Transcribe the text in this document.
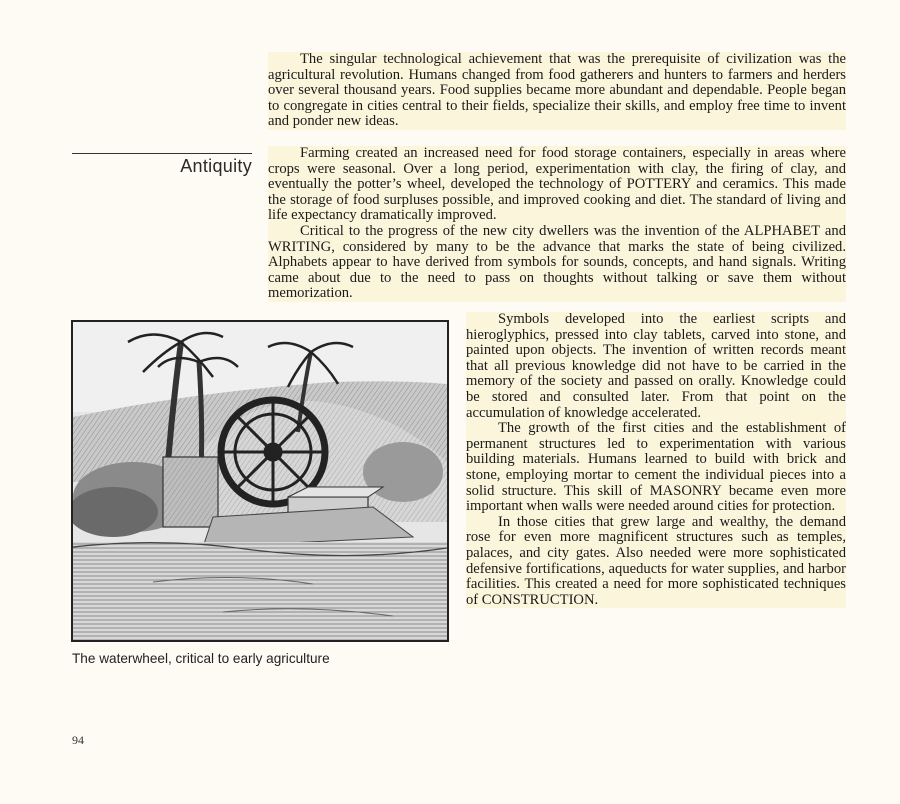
The singular technological achievement that was the prerequisite of civilization was the agricultural revolution. Humans changed from food gatherers and hunters to farmers and herders over several thousand years. Food supplies became more abundant and dependable. People began to congregate in cities central to their fields, specialize their skills, and employ free time to invent and ponder new ideas.

Antiquity

Farming created an increased need for food storage containers, especially in areas where crops were seasonal. Over a long period, experimentation with clay, the firing of clay, and eventually the potter’s wheel, developed the technology of POTTERY and ceramics. This made the storage of food surpluses possible, and improved cooking and diet. The standard of living and life expectancy dramatically improved.

Critical to the progress of the new city dwellers was the invention of the ALPHABET and WRITING, considered by many to be the advance that marks the state of being civilized. Alphabets appear to have derived from symbols for sounds, concepts, and hand signals. Writing came about due to the need to pass on thoughts without talking or save them without memorization.

The waterwheel, critical to early agriculture

Symbols developed into the earliest scripts and hieroglyphics, pressed into clay tablets, carved into stone, and painted upon objects. The invention of written records meant that all previous knowledge did not have to be carried in the memory of the society and passed on orally. Knowledge could be stored and consulted later. From that point on the accumulation of knowledge accelerated.

The growth of the first cities and the establishment of permanent structures led to experimentation with various building materials. Humans learned to build with brick and stone, employing mortar to cement the individual pieces into a solid structure. This skill of MASONRY became even more important when walls were needed around cities for protection.

In those cities that grew large and wealthy, the demand rose for even more magnificent structures such as temples, palaces, and city gates. Also needed were more sophisticated defensive fortifications, aqueducts for water supplies, and harbor facilities. This created a need for more sophisticated techniques of CONSTRUCTION.

94
